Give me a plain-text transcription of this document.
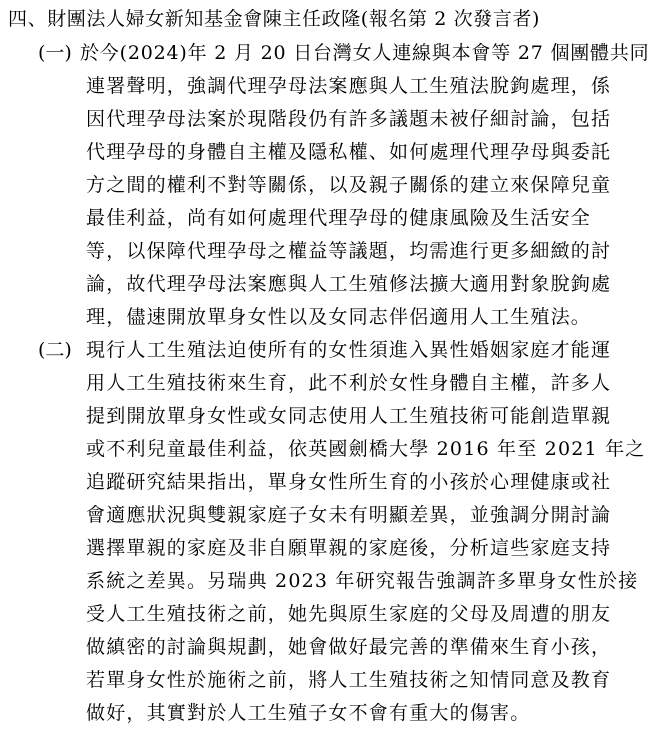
四、財團法人婦女新知基金會陳主任政隆(報名第 2 次發言者)
(一) 於今(2024)年 2 月 20 日台灣女人連線與本會等 27 個團體共同
連署聲明，強調代理孕母法案應與人工生殖法脫鉤處理，係
因代理孕母法案於現階段仍有許多議題未被仔細討論，包括
代理孕母的身體自主權及隱私權、如何處理代理孕母與委託
方之間的權利不對等關係，以及親子關係的建立來保障兒童
最佳利益，尚有如何處理代理孕母的健康風險及生活安全
等，以保障代理孕母之權益等議題，均需進行更多細緻的討
論，故代理孕母法案應與人工生殖修法擴大適用對象脫鉤處
理，儘速開放單身女性以及女同志伴侶適用人工生殖法。
(二) 現行人工生殖法迫使所有的女性須進入異性婚姻家庭才能運
用人工生殖技術來生育，此不利於女性身體自主權，許多人
提到開放單身女性或女同志使用人工生殖技術可能創造單親
或不利兒童最佳利益，依英國劍橋大學 2016 年至 2021 年之
追蹤研究結果指出，單身女性所生育的小孩於心理健康或社
會適應狀況與雙親家庭子女未有明顯差異，並強調分開討論
選擇單親的家庭及非自願單親的家庭後，分析這些家庭支持
系統之差異。另瑞典 2023 年研究報告強調許多單身女性於接
受人工生殖技術之前，她先與原生家庭的父母及周遭的朋友
做縝密的討論與規劃，她會做好最完善的準備來生育小孩，
若單身女性於施術之前，將人工生殖技術之知情同意及教育
做好，其實對於人工生殖子女不會有重大的傷害。
